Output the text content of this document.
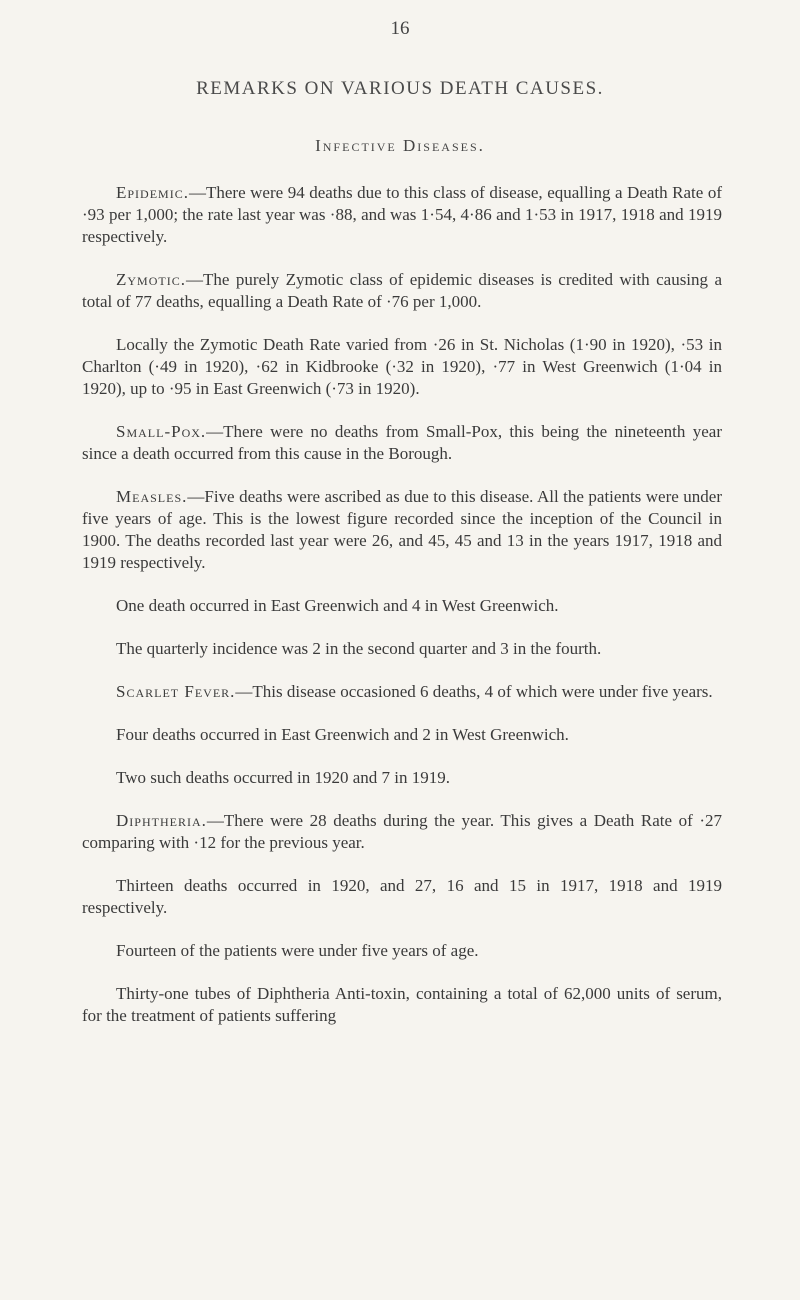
16
REMARKS ON VARIOUS DEATH CAUSES.
Infective Diseases.

Epidemic.—There were 94 deaths due to this class of disease, equalling a Death Rate of ·93 per 1,000; the rate last year was ·88, and was 1·54, 4·86 and 1·53 in 1917, 1918 and 1919 respectively.

Zymotic.—The purely Zymotic class of epidemic diseases is credited with causing a total of 77 deaths, equalling a Death Rate of ·76 per 1,000.

Locally the Zymotic Death Rate varied from ·26 in St. Nicholas (1·90 in 1920), ·53 in Charlton (·49 in 1920), ·62 in Kidbrooke (·32 in 1920), ·77 in West Greenwich (1·04 in 1920), up to ·95 in East Greenwich (·73 in 1920).

Small-Pox.—There were no deaths from Small-Pox, this being the nineteenth year since a death occurred from this cause in the Borough.

Measles.—Five deaths were ascribed as due to this disease. All the patients were under five years of age. This is the lowest figure recorded since the inception of the Council in 1900. The deaths recorded last year were 26, and 45, 45 and 13 in the years 1917, 1918 and 1919 respectively.

One death occurred in East Greenwich and 4 in West Greenwich.

The quarterly incidence was 2 in the second quarter and 3 in the fourth.

Scarlet Fever.—This disease occasioned 6 deaths, 4 of which were under five years.

Four deaths occurred in East Greenwich and 2 in West Greenwich.

Two such deaths occurred in 1920 and 7 in 1919.

Diphtheria.—There were 28 deaths during the year. This gives a Death Rate of ·27 comparing with ·12 for the previous year.

Thirteen deaths occurred in 1920, and 27, 16 and 15 in 1917, 1918 and 1919 respectively.

Fourteen of the patients were under five years of age.

Thirty-one tubes of Diphtheria Anti-toxin, containing a total of 62,000 units of serum, for the treatment of patients suffering
